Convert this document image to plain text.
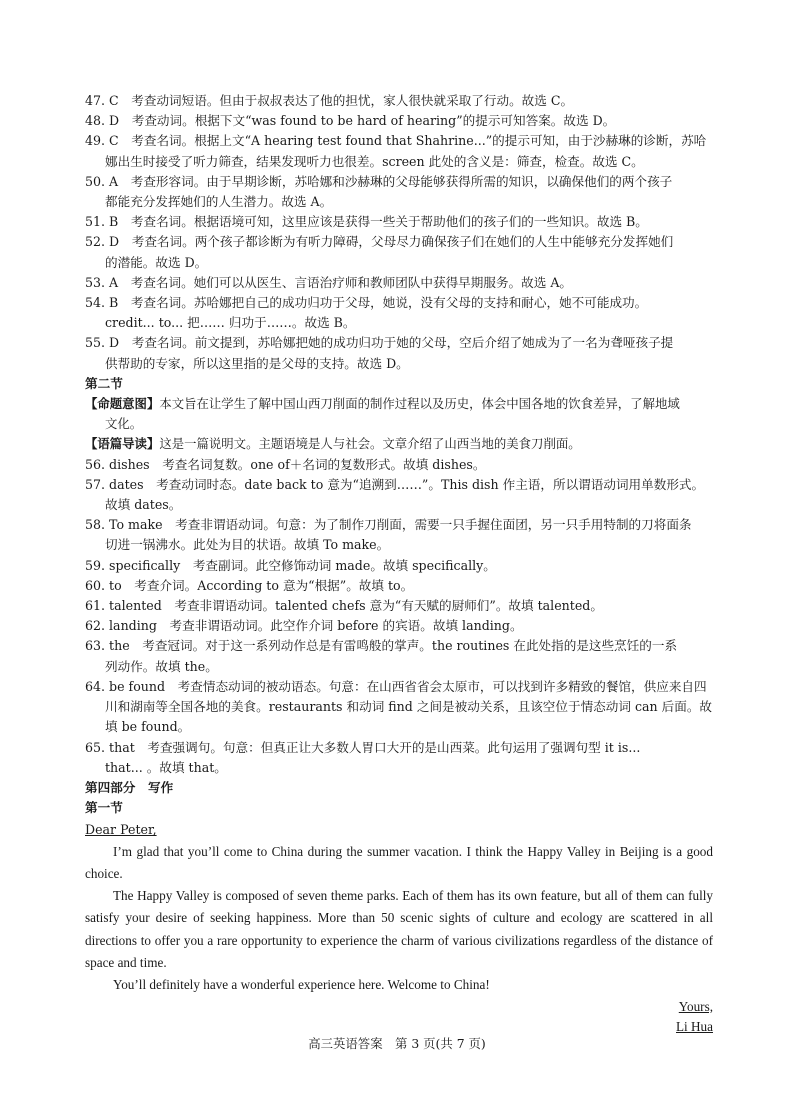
47. C　考查动词短语。但由于叔叔表达了他的担忧，家人很快就采取了行动。故选 C。
48. D　考查动词。根据下文“was found to be hard of hearing”的提示可知答案。故选 D。
49. C　考查名词。根据上文“A hearing test found that Shahrine...”的提示可知，由于沙赫琳的诊断，苏哈
娜出生时接受了听力筛查，结果发现听力也很差。screen 此处的含义是：筛查，检查。故选 C。
50. A　考查形容词。由于早期诊断，苏哈娜和沙赫琳的父母能够获得所需的知识，以确保他们的两个孩子
都能充分发挥她们的人生潜力。故选 A。
51. B　考查名词。根据语境可知，这里应该是获得一些关于帮助他们的孩子们的一些知识。故选 B。
52. D　考查名词。两个孩子都诊断为有听力障碍，父母尽力确保孩子们在她们的人生中能够充分发挥她们
的潜能。故选 D。
53. A　考查名词。她们可以从医生、言语治疗师和教师团队中获得早期服务。故选 A。
54. B　考查名词。苏哈娜把自己的成功归功于父母，她说，没有父母的支持和耐心，她不可能成功。
credit... to... 把…… 归功于……。故选 B。
55. D　考查名词。前文提到，苏哈娜把她的成功归功于她的父母，空后介绍了她成为了一名为聋哑孩子提
供帮助的专家，所以这里指的是父母的支持。故选 D。
第二节
【命题意图】本文旨在让学生了解中国山西刀削面的制作过程以及历史，体会中国各地的饮食差异，了解地域
文化。
【语篇导读】这是一篇说明文。主题语境是人与社会。文章介绍了山西当地的美食刀削面。
56. dishes　考查名词复数。one of＋名词的复数形式。故填 dishes。
57. dates　考查动词时态。date back to 意为“追溯到……”。This dish 作主语，所以谓语动词用单数形式。
故填 dates。
58. To make　考查非谓语动词。句意：为了制作刀削面，需要一只手握住面团，另一只手用特制的刀将面条
切进一锅沸水。此处为目的状语。故填 To make。
59. specifically　考查副词。此空修饰动词 made。故填 specifically。
60. to　考查介词。According to 意为“根据”。故填 to。
61. talented　考查非谓语动词。talented chefs 意为“有天赋的厨师们”。故填 talented。
62. landing　考查非谓语动词。此空作介词 before 的宾语。故填 landing。
63. the　考查冠词。对于这一系列动作总是有雷鸣般的掌声。the routines 在此处指的是这些烹饪的一系
列动作。故填 the。
64. be found　考查情态动词的被动语态。句意：在山西省省会太原市，可以找到许多精致的餐馆，供应来自四
川和湖南等全国各地的美食。restaurants 和动词 find 之间是被动关系，且该空位于情态动词 can 后面。故
填 be found。
65. that　考查强调句。句意：但真正让大多数人胃口大开的是山西菜。此句运用了强调句型 it is...
that... 。故填 that。
第四部分　写作
第一节
Dear Peter,
I’m glad that you’ll come to China during the summer vacation. I think the Happy Valley in Beijing is a good choice.
The Happy Valley is composed of seven theme parks. Each of them has its own feature, but all of them can fully satisfy your desire of seeking happiness. More than 50 scenic sights of culture and ecology are scattered in all directions to offer you a rare opportunity to experience the charm of various civilizations regardless of the distance of space and time.
You’ll definitely have a wonderful experience here. Welcome to China!
Yours,
Li Hua
高三英语答案　第 3 页(共 7 页)
